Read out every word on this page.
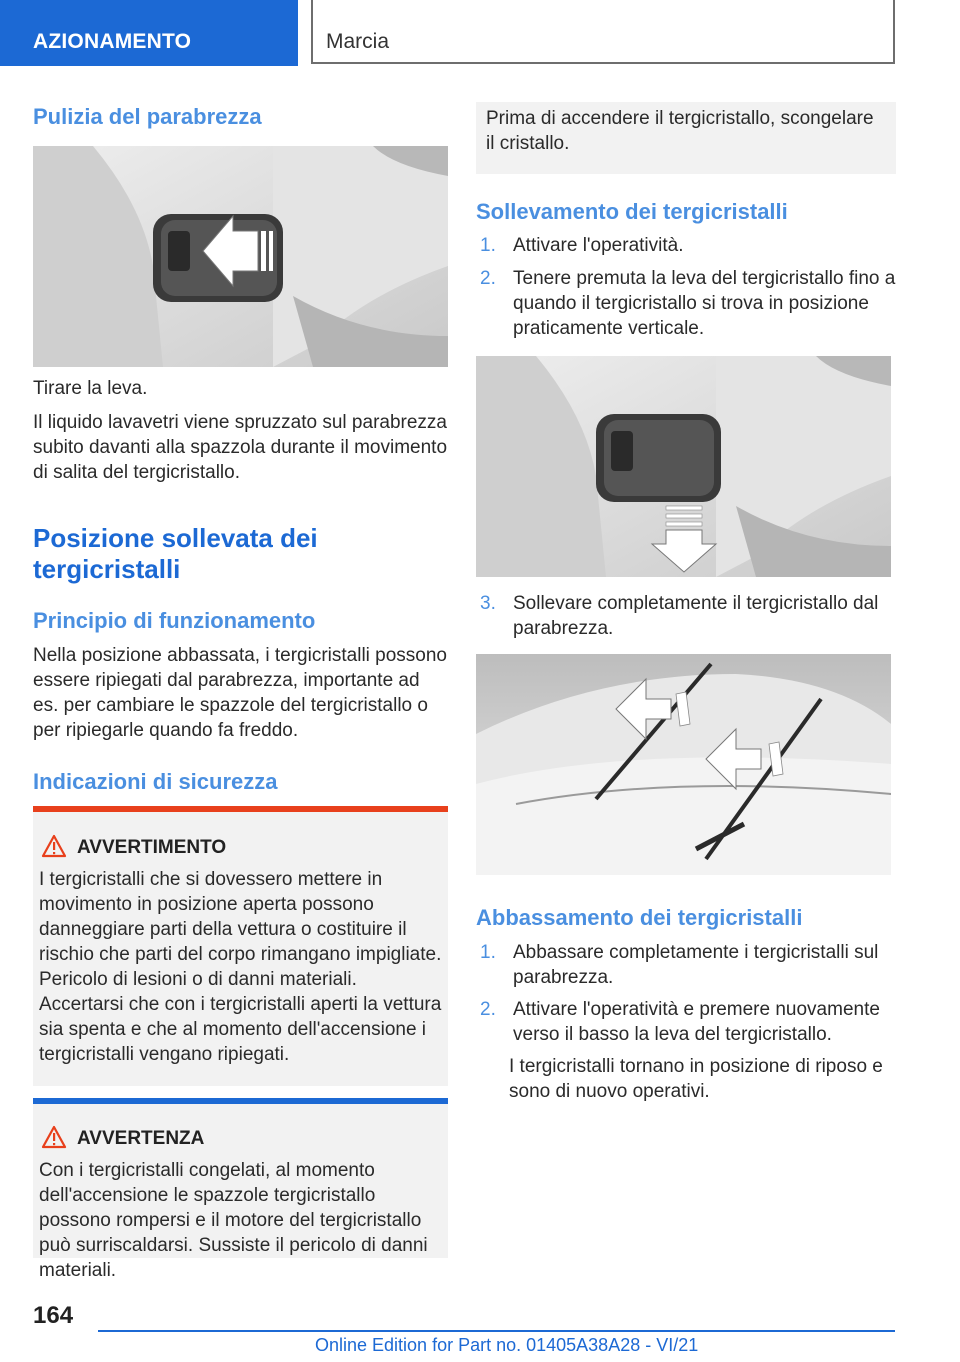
AZIONAMENTO	Marcia
Pulizia del parabrezza

Tirare la leva.

Il liquido lavavetri viene spruzzato sul parabrezza subito davanti alla spazzola durante il movimento di salita del tergicristallo.

Posizione sollevata dei
tergicristalli
Principio di funzionamento

Nella posizione abbassata, i tergicristalli possono essere ripiegati dal parabrezza, importante ad es. per cambiare le spazzole del tergicristallo o per ripiegarle quando fa freddo.

Indicazioni di sicurezza
AVVERTIMENTO

I tergicristalli che si dovessero mettere in movimento in posizione aperta possono danneggiare parti della vettura o costituire il rischio che parti del corpo rimangano impigliate. Pericolo di lesioni o di danni materiali. Accertarsi che con i tergicristalli aperti la vettura sia spenta e che al momento dell'accensione i tergicristalli vengano ripiegati.

AVVERTENZA

Con i tergicristalli congelati, al momento dell'accensione le spazzole tergicristallo possono rompersi e il motore del tergicristallo può surriscaldarsi. Sussiste il pericolo di danni materiali.

Prima di accendere il tergicristallo, scongelare il cristallo.

Sollevamento dei tergicristalli
1. Attivare l'operatività.
2. Tenere premuta la leva del tergicristallo fino a quando il tergicristallo si trova in posizione praticamente verticale.
3. Sollevare completamente il tergicristallo dal parabrezza.
Abbassamento dei tergicristalli
1. Abbassare completamente i tergicristalli sul parabrezza.
2. Attivare l'operatività e premere nuovamente verso il basso la leva del tergicristallo.

I tergicristalli tornano in posizione di riposo e sono di nuovo operativi.

164
Online Edition for Part no. 01405A38A28 - VI/21
